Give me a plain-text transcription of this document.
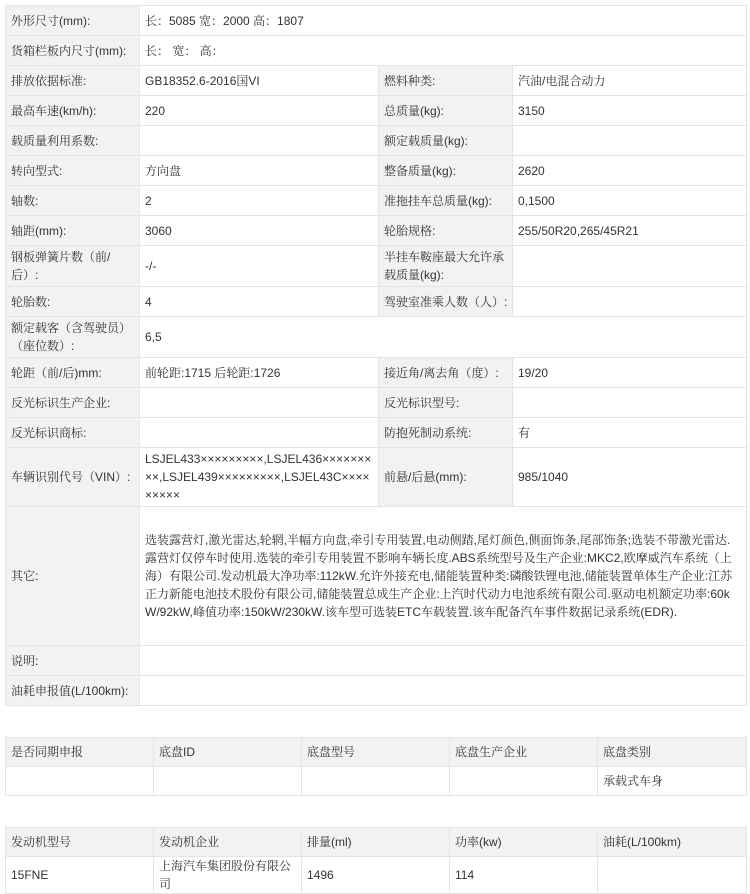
外形尺寸(mm):	长：5085 宽：2000 高：1807		
货箱栏板内尺寸(mm):	长： 宽： 高：		
排放依据标准:	GB18352.6-2016国VI	燃料种类:	汽油/电混合动力
最高车速(km/h):	220	总质量(kg):	3150
载质量利用系数:		额定载质量(kg):	
转向型式:	方向盘	整备质量(kg):	2620
轴数:	2	准拖挂车总质量(kg):	0,1500
轴距(mm):	3060	轮胎规格:	255/50R20,265/45R21
钢板弹簧片数（前/后）:	-/-	半挂车鞍座最大允许承载质量(kg):	
轮胎数:	4	驾驶室准乘人数（人）:	
额定载客（含驾驶员）（座位数）:	6,5		
轮距（前/后)mm:	前轮距:1715 后轮距:1726	接近角/离去角（度）:	19/20
反光标识生产企业:		反光标识型号:	
反光标识商标:		防抱死制动系统:	有
车辆识别代号（VIN）:	LSJEL433×××××××××,LSJEL436×××××××××,LSJEL439×××××××××,LSJEL43C×××××××××	前悬/后悬(mm):	985/1040
其它:	选装露营灯,激光雷达,轮辋,半幅方向盘,牵引专用装置,电动侧踏,尾灯颜色,侧面饰条,尾部饰条;选装不带激光雷达.露营灯仅停车时使用.选装的牵引专用装置不影响车辆长度.ABS系统型号及生产企业:MKC2,欧摩威汽车系统（上海）有限公司.发动机最大净功率:112kW.允许外接充电,储能装置种类:磷酸铁锂电池,储能装置单体生产企业:江苏正力新能电池技术股份有限公司,储能装置总成生产企业:上汽时代动力电池系统有限公司.驱动电机额定功率:60kW/92kW,峰值功率:150kW/230kW.该车型可选装ETC车载装置.该车配备汽车事件数据记录系统(EDR).		
说明:			
油耗申报值(L/100km):			
是否同期申报	底盘ID	底盘型号	底盘生产企业	底盘类别
				承载式车身
发动机型号	发动机企业	排量(ml)	功率(kw)	油耗(L/100km)
15FNE	上海汽车集团股份有限公司	1496	114	
